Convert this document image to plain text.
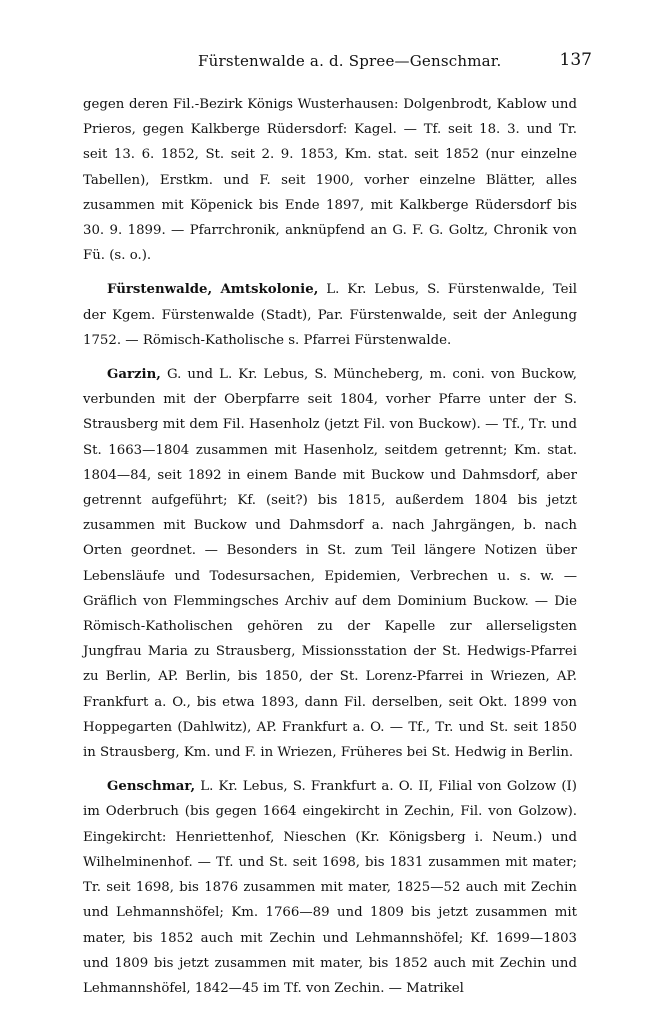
Fürstenwalde a. d. Spree—Genschmar.	137

gegen deren Fil.-Bezirk Königs Wusterhausen: Dolgenbrodt, Kablow und Prieros, gegen Kalkberge Rüdersdorf: Kagel. — Tf. seit 18. 3. und Tr. seit 13. 6. 1852, St. seit 2. 9. 1853, Km. stat. seit 1852 (nur einzelne Tabellen), Erstkm. und F. seit 1900, vorher einzelne Blätter, alles zusammen mit Köpenick bis Ende 1897, mit Kalkberge Rüdersdorf bis 30. 9. 1899. — Pfarrchronik, anknüpfend an G. F. G. Goltz, Chronik von Fü. (s. o.).

Fürstenwalde, Amtskolonie, L. Kr. Lebus, S. Fürstenwalde, Teil der Kgem. Fürstenwalde (Stadt), Par. Fürstenwalde, seit der Anlegung 1752. — Römisch-Katholische s. Pfarrei Fürstenwalde.

Garzin, G. und L. Kr. Lebus, S. Müncheberg, m. coni. von Buckow, verbunden mit der Oberpfarre seit 1804, vorher Pfarre unter der S. Strausberg mit dem Fil. Hasenholz (jetzt Fil. von Buckow). — Tf., Tr. und St. 1663—1804 zusammen mit Hasenholz, seitdem getrennt; Km. stat. 1804—84, seit 1892 in einem Bande mit Buckow und Dahmsdorf, aber getrennt aufgeführt; Kf. (seit?) bis 1815, außerdem 1804 bis jetzt zusammen mit Buckow und Dahmsdorf a. nach Jahrgängen, b. nach Orten geordnet. — Besonders in St. zum Teil längere Notizen über Lebensläufe und Todesursachen, Epidemien, Verbrechen u. s. w. — Gräflich von Flemmingsches Archiv auf dem Dominium Buckow. — Die Römisch-Katholischen gehören zu der Kapelle zur allerseligsten Jungfrau Maria zu Strausberg, Missionsstation der St. Hedwigs-Pfarrei zu Berlin, AP. Berlin, bis 1850, der St. Lorenz-Pfarrei in Wriezen, AP. Frankfurt a. O., bis etwa 1893, dann Fil. derselben, seit Okt. 1899 von Hoppegarten (Dahlwitz), AP. Frankfurt a. O. — Tf., Tr. und St. seit 1850 in Strausberg, Km. und F. in Wriezen, Früheres bei St. Hedwig in Berlin.

Genschmar, L. Kr. Lebus, S. Frankfurt a. O. II, Filial von Golzow (I) im Oderbruch (bis gegen 1664 eingekircht in Zechin, Fil. von Golzow). Eingekircht: Henriettenhof, Nieschen (Kr. Königsberg i. Neum.) und Wilhelminenhof. — Tf. und St. seit 1698, bis 1831 zusammen mit mater; Tr. seit 1698, bis 1876 zusammen mit mater, 1825—52 auch mit Zechin und Lehmannshöfel; Km. 1766—89 und 1809 bis jetzt zusammen mit mater, bis 1852 auch mit Zechin und Lehmannshöfel; Kf. 1699—1803 und 1809 bis jetzt zusammen mit mater, bis 1852 auch mit Zechin und Lehmannshöfel, 1842—45 im Tf. von Zechin. — Matrikel
